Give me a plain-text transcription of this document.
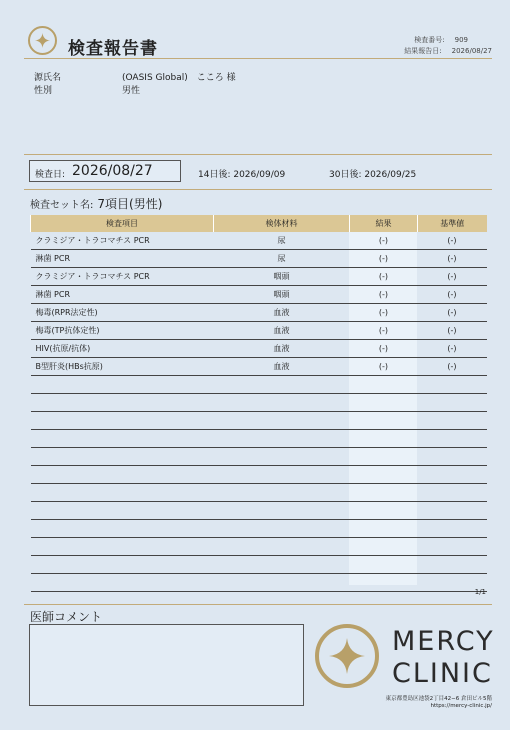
検査報告書	検査番号: 909
結果報告日: 2026/08/27
源氏名	(OASIS Global)　こころ 様
性別	男性
検査日: 2026/08/27	14日後: 2026/09/09	30日後: 2026/09/25
検査セット名: 7項目(男性)
検査項目	検体材料	結果	基準値
クラミジア・トラコマチス PCR	尿	(-)	(-)
淋菌 PCR	尿	(-)	(-)
クラミジア・トラコマチス PCR	咽頭	(-)	(-)
淋菌 PCR	咽頭	(-)	(-)
梅毒(RPR法定性)	血液	(-)	(-)
梅毒(TP抗体定性)	血液	(-)	(-)
HIV(抗原/抗体)	血液	(-)	(-)
B型肝炎(HBs抗原)	血液	(-)	(-)

1/1
医師コメント
MERCY
CLINIC
東京都豊島区池袋2丁目42−6 倉田ビル5階
https://mercy-clinic.jp/
